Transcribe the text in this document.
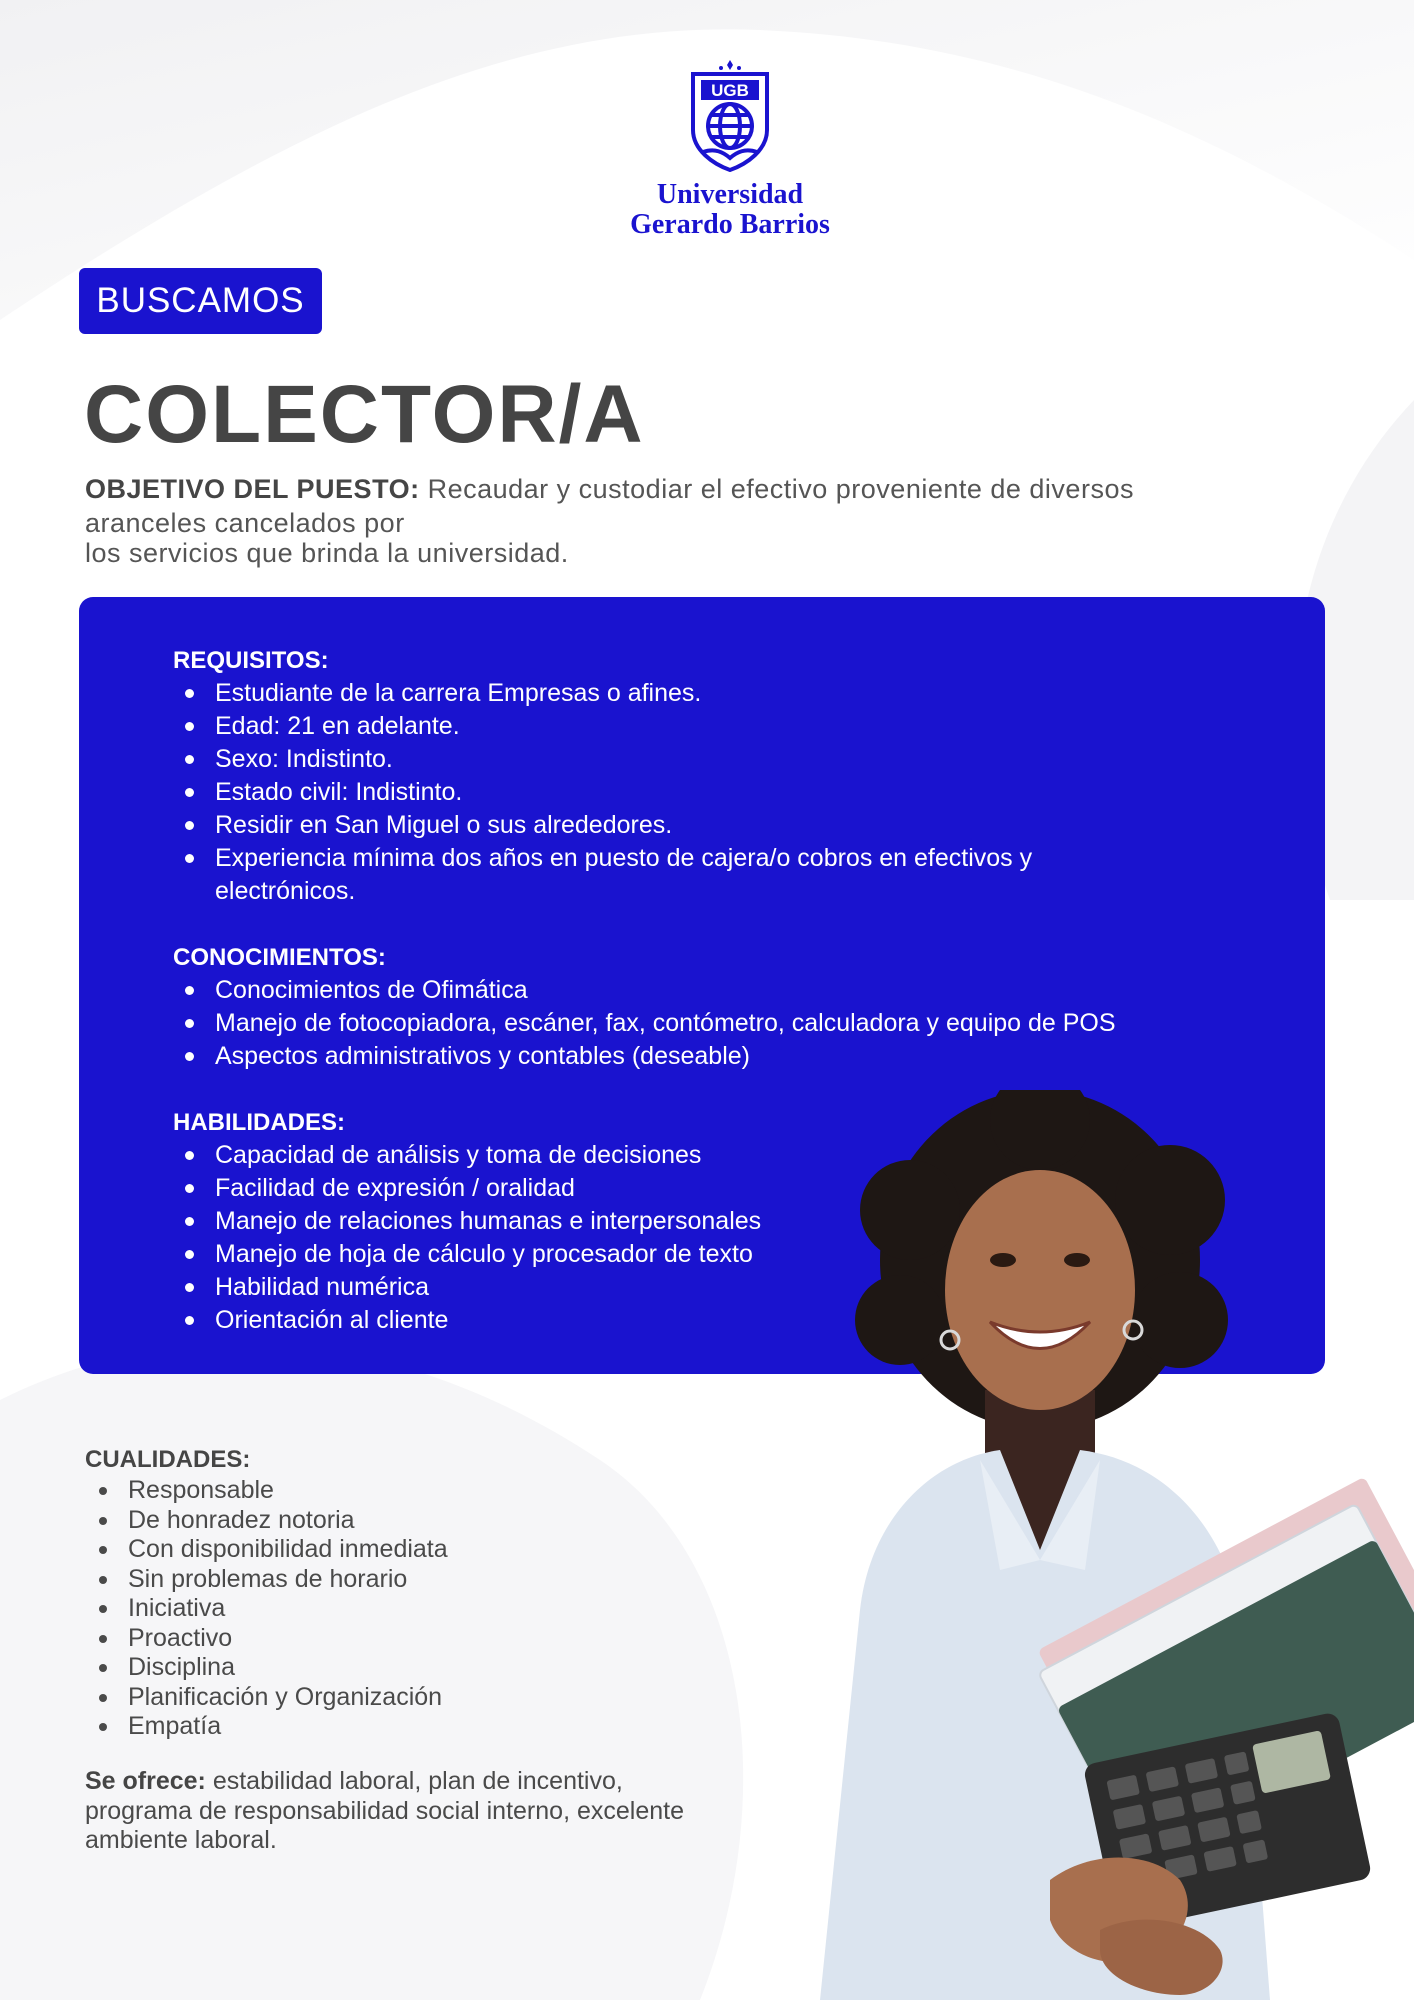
UGB
Universidad
Gerardo Barrios
BUSCAMOS
COLECTOR/A
OBJETIVO DEL PUESTO: Recaudar y custodiar el efectivo proveniente de diversos
aranceles cancelados por
los servicios que brinda la universidad.

REQUISITOS:

Estudiante de la carrera Empresas o afines.
Edad: 21 en adelante.
Sexo: Indistinto.
Estado civil: Indistinto.
Residir en San Miguel o sus alrededores.
Experiencia mínima dos años en puesto de cajera/o cobros en efectivos y electrónicos.

CONOCIMIENTOS:

Conocimientos de Ofimática
Manejo de fotocopiadora, escáner, fax, contómetro, calculadora y equipo de POS
Aspectos administrativos y contables (deseable)

HABILIDADES:

Capacidad de análisis y toma de decisiones
Facilidad de expresión / oralidad
Manejo de relaciones humanas e interpersonales
Manejo de hoja de cálculo y procesador de texto
Habilidad numérica
Orientación al cliente

CUALIDADES:

Responsable
De honradez notoria
Con disponibilidad inmediata
Sin problemas de horario
Iniciativa
Proactivo
Disciplina
Planificación y Organización
Empatía
Se ofrece: estabilidad laboral, plan de incentivo, programa de responsabilidad social interno, excelente ambiente laboral.
